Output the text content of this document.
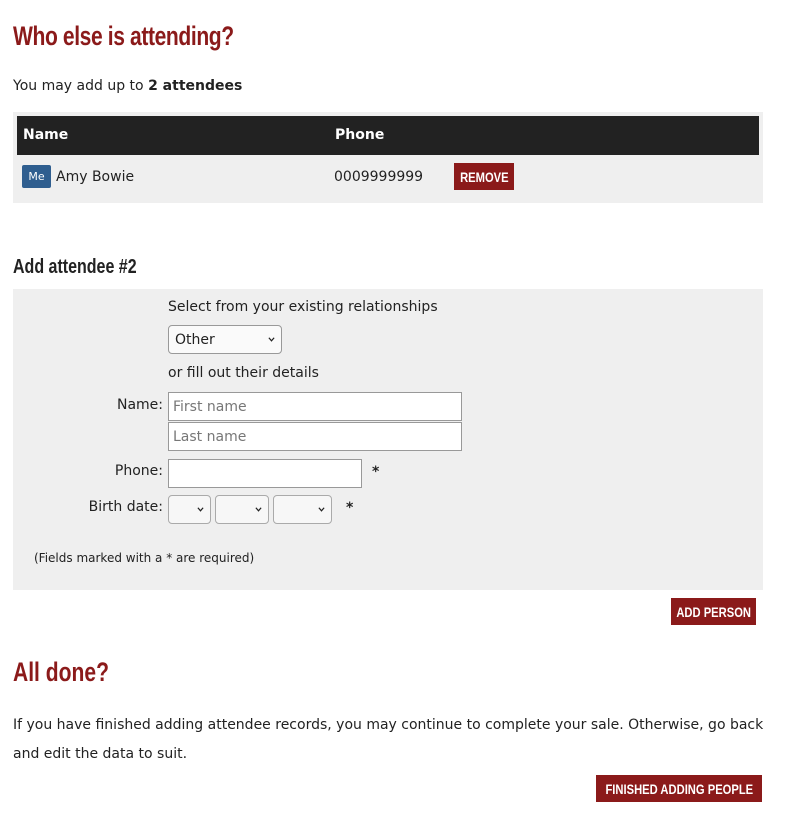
Who else is attending?
You may add up to 2 attendees
Name	Phone
Me Amy Bowie	0009999999	REMOVE
Add attendee #2
Select from your existing relationships
Other
or fill out their details
Name: First name
Last name
Phone:	*
Birth date:	*
(Fields marked with a * are required)
ADD PERSON
All done?
If you have finished adding attendee records, you may continue to complete your sale. Otherwise, go back and edit the data to suit.
FINISHED ADDING PEOPLE
